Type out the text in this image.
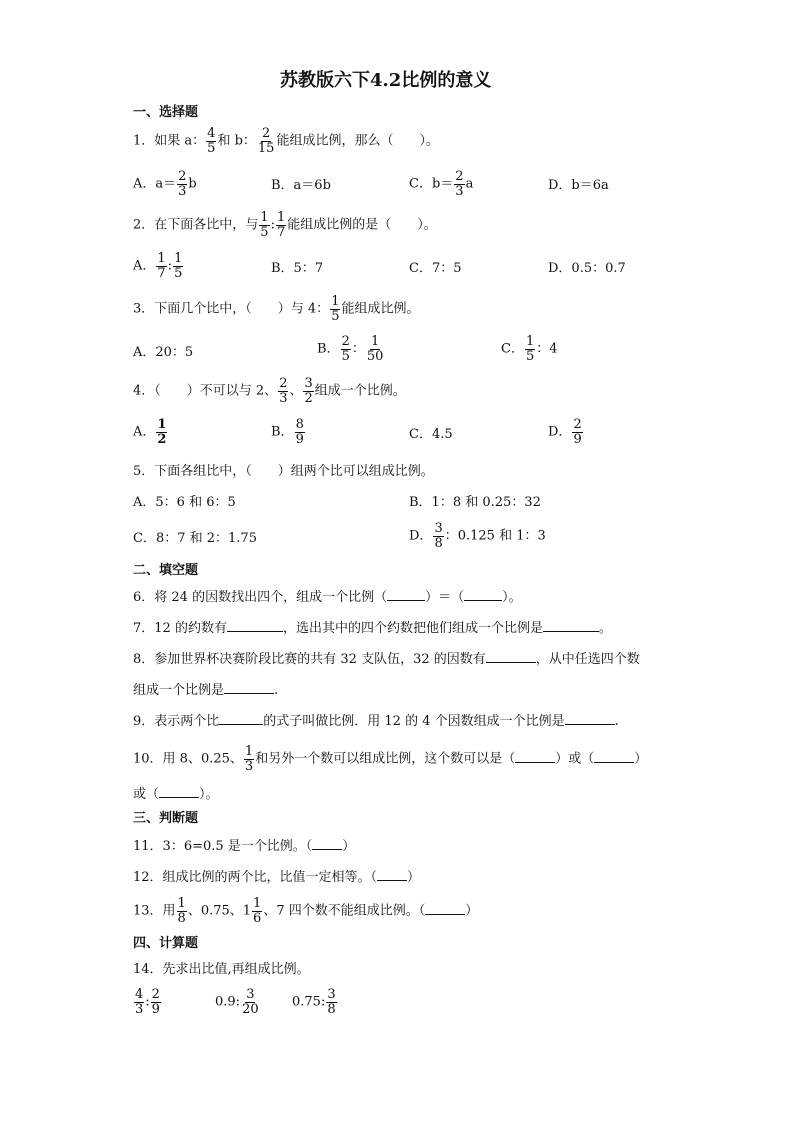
苏教版六下4.2比例的意义
一、选择题
1．如果 a： $\frac{4}{5}$ 和 b： $\frac{2}{15}$ 能组成比例，那么（　　）。
A．$a= \frac{2}{3}$ b	B．a＝6b	C．$b= \frac{2}{3}$ a	D．b＝6a
2．在下面各比中，与 $\frac{1}{5}$ : $\frac{1}{7}$ 能组成比例的是（　　）。
A． $\frac{1}{7}$ : $\frac{1}{5}$	B．5：7	C．7：5	D．0.5：0.7
3．下面几个比中，（　　）与 4： $\frac{1}{5}$ 能组成比例。
A．20：5	B． $\frac{2}{5}$ ： $\frac{1}{50}$	C． $\frac{1}{5}$ ：4
4．（　　）不可以与 2、 $\frac{2}{3}$ 、 $\frac{3}{2}$ 组成一个比例。
A． $\frac{1}{2}$	B． $\frac{8}{9}$	C．4.5	D． $\frac{2}{9}$
5．下面各组比中，（　　）组两个比可以组成比例。
A．5：6 和 6：5	B．1：8 和 0.25：32
C．8：7 和 2：1.75	D． $\frac{3}{8}$ ：0.125 和 1：3
二、填空题
6．将 24 的因数找出四个，组成一个比例（	）＝（	）。
7．12 的约数有	，选出其中的四个约数把他们组成一个比例是	。
8．参加世界杯决赛阶段比赛的共有 32 支队伍，32 的因数有	，从中任选四个数
组成一个比例是	.
9．表示两个比	的式子叫做比例．用 12 的 4 个因数组成一个比例是	.
10．用 8、0.25、 $\frac{1}{3}$ 和另外一个数可以组成比例，这个数可以是（	）或（	）
或（	）。
三、判断题
11．3：6=0.5 是一个比例。（ ）
12．组成比例的两个比，比值一定相等。（ ）
13．用 $\frac{1}{8}$ 、0.75、$1 \frac{1}{6}$ 、7 四个数不能组成比例。（	）
四、计算题
14．先求出比值,再组成比例。
$\frac{4}{3}$ : $\frac{2}{9}$	0.9: $\frac{3}{20} 0.75$: $\frac{3}{8}$
